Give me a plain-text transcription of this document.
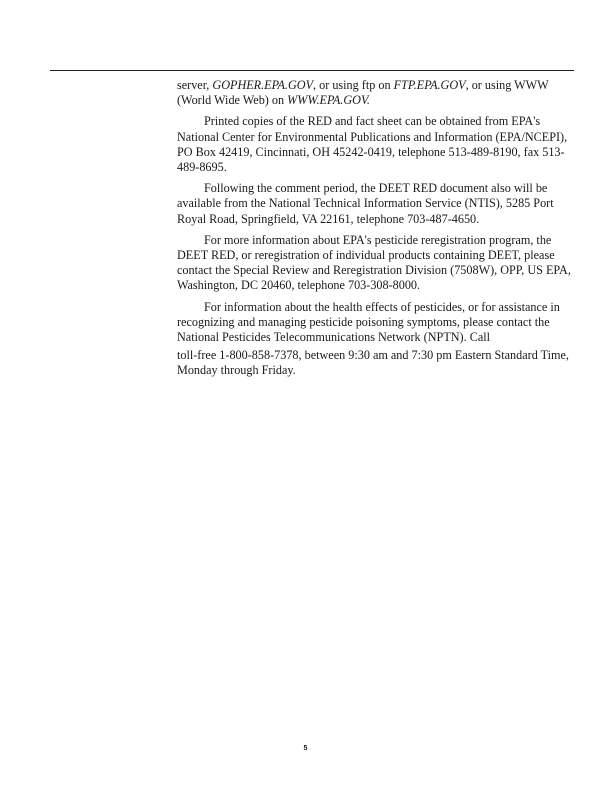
server, GOPHER.EPA.GOV, or using ftp on FTP.EPA.GOV, or using WWW (World Wide Web) on WWW.EPA.GOV.

Printed copies of the RED and fact sheet can be obtained from EPA's National Center for Environmental Publications and Information (EPA/NCEPI), PO Box 42419, Cincinnati, OH 45242-0419, telephone 513-489-8190, fax 513-489-8695.

Following the comment period, the DEET RED document also will be available from the National Technical Information Service (NTIS), 5285 Port Royal Road, Springfield, VA 22161, telephone 703-487-4650.

For more information about EPA's pesticide reregistration program, the DEET RED, or reregistration of individual products containing DEET, please contact the Special Review and Reregistration Division (7508W), OPP, US EPA, Washington, DC 20460, telephone 703-308-8000.

For information about the health effects of pesticides, or for assistance in recognizing and managing pesticide poisoning symptoms, please contact the National Pesticides Telecommunications Network (NPTN). Call

toll-free 1-800-858-7378, between 9:30 am and 7:30 pm Eastern Standard Time, Monday through Friday.

5
